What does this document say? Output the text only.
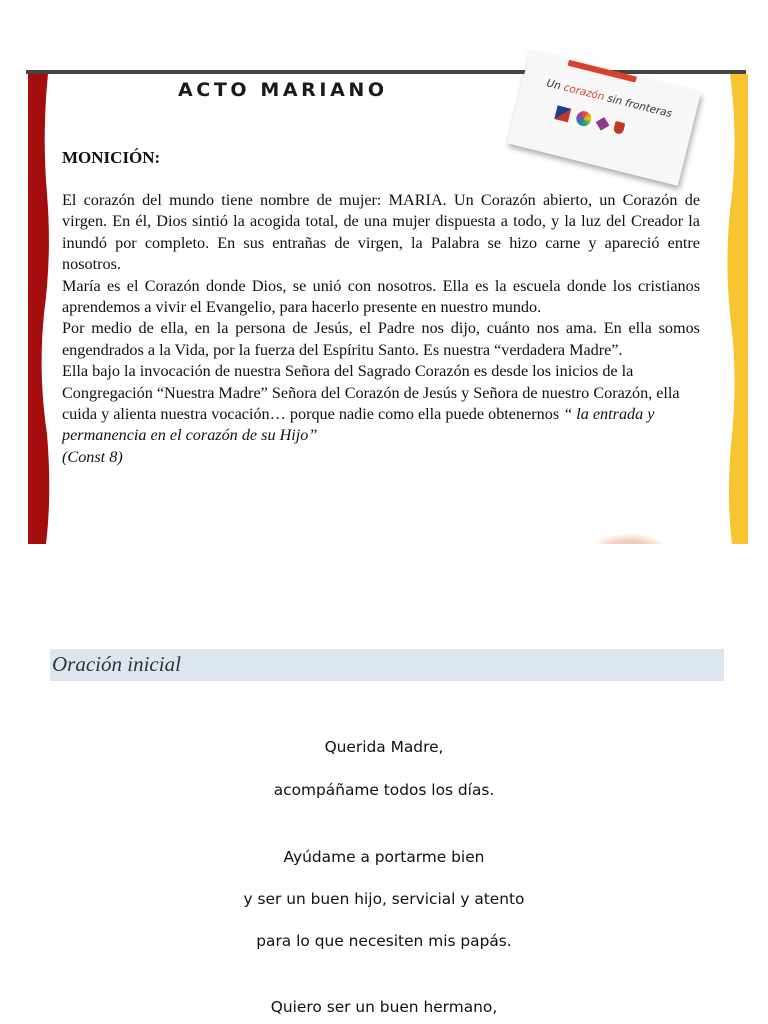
ACTO MARIANO	Un corazón sin fronteras
MONICIÓN:

El corazón del mundo tiene nombre de mujer: MARIA. Un Corazón abierto, un Corazón de virgen. En él, Dios sintió la acogida total, de una mujer dispuesta a todo, y la luz del Creador la inundó por completo. En sus entrañas de virgen, la Palabra se hizo carne y apareció entre nosotros.

María es el Corazón donde Dios, se unió con nosotros. Ella es la escuela donde los cristianos aprendemos a vivir el Evangelio, para hacerlo presente en nuestro mundo.

Por medio de ella, en la persona de Jesús, el Padre nos dijo, cuánto nos ama. En ella somos engendrados a la Vida, por la fuerza del Espíritu Santo. Es nuestra “verdadera Madre”.

Ella bajo la invocación de nuestra Señora del Sagrado Corazón es desde los inicios de la Congregación “Nuestra Madre” Señora del Corazón de Jesús y Señora de nuestro Corazón, ella cuida y alienta nuestra vocación… porque nadie como ella puede obtenernos “ la entrada y permanencia en el corazón de su Hijo”
(Const 8)

Oración inicial
Querida Madre,
acompáñame todos los días.
Ayúdame a portarme bien
y ser un buen hijo, servicial y atento
para lo que necesiten mis papás.
Quiero ser un buen hermano,
